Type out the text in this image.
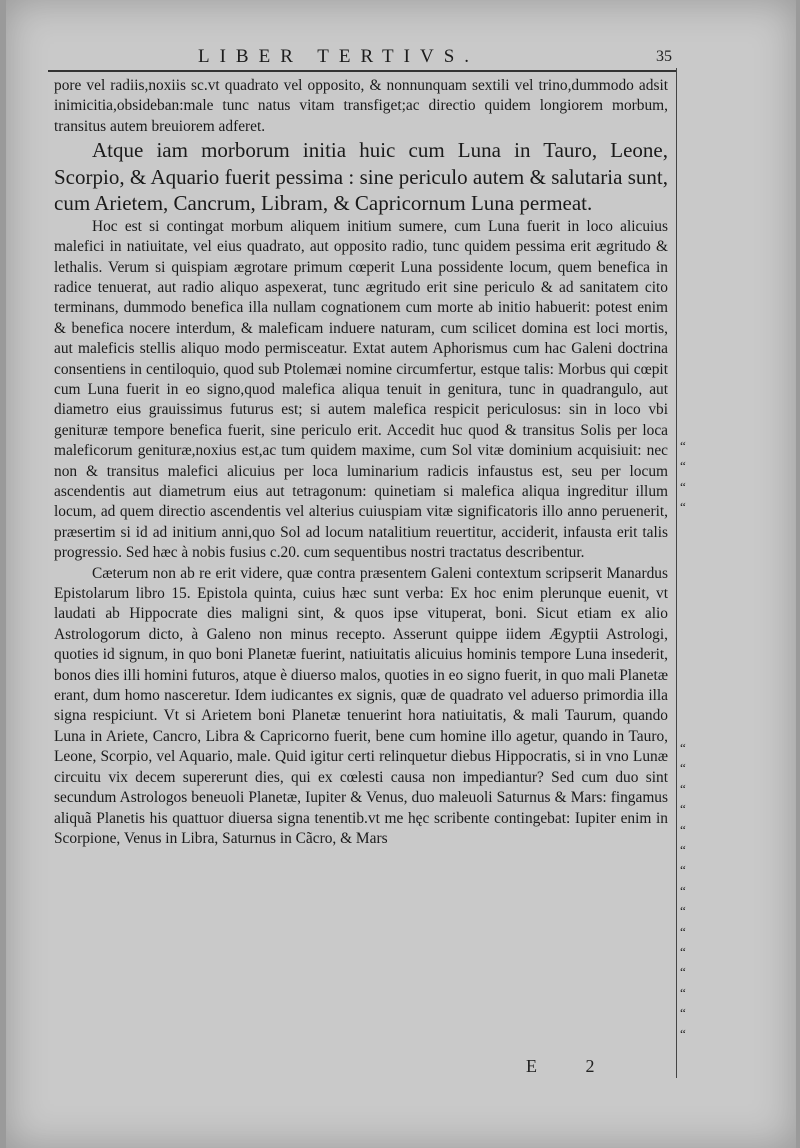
LIBER TERTIVS.	35

pore vel radiis,noxiis sc.vt quadrato vel opposito, & nonnunquam sextili vel trino,dummodo adsit inimicitia,obsideban:male tunc natus vitam transfiget;ac directio quidem longiorem morbum, transitus autem breuiorem adferet.

Atque iam morborum initia huic cum Luna in Tauro, Leone, Scorpio, & Aquario fuerit pessima : sine periculo autem & salutaria sunt, cum Arietem, Cancrum, Libram, & Capricornum Luna permeat.

Hoc est si contingat morbum aliquem initium sumere, cum Luna fuerit in loco alicuius malefici in natiuitate, vel eius quadrato, aut opposito radio, tunc quidem pessima erit ægritudo & lethalis. Verum si quispiam ægrotare primum cœperit Luna possidente locum, quem benefica in radice tenuerat, aut radio aliquo aspexerat, tunc ægritudo erit sine periculo & ad sanitatem cito terminans, dummodo benefica illa nullam cognationem cum morte ab initio habuerit: potest enim & benefica nocere interdum, & maleficam induere naturam, cum scilicet domina est loci mortis, aut maleficis stellis aliquo modo permisceatur. Extat autem Aphorismus cum hac Galeni doctrina consentiens in centiloquio, quod sub Ptolemæi nomine circumfertur, estque talis: Morbus qui cœpit cum Luna fuerit in eo signo,quod malefica aliqua tenuit in genitura, tunc in quadrangulo, aut diametro eius grauissimus futurus est; si autem malefica respicit periculosus: sin in loco vbi genituræ tempore benefica fuerit, sine periculo erit. Accedit huc quod & transitus Solis per loca maleficorum genituræ,noxius est,ac tum quidem maxime, cum Sol vitæ dominium acquisiuit: nec non & transitus malefici alicuius per loca luminarium radicis infaustus est, seu per locum ascendentis aut diametrum eius aut tetragonum: quinetiam si malefica aliqua ingreditur illum locum, ad quem directio ascendentis vel alterius cuiuspiam vitæ significatoris illo anno peruenerit, præsertim si id ad initium anni,quo Sol ad locum natalitium reuertitur, acciderit, infausta erit talis progressio. Sed hæc à nobis fusius c.20. cum sequentibus nostri tractatus describentur.

Cæterum non ab re erit videre, quæ contra præsentem Galeni contextum scripserit Manardus Epistolarum libro 15. Epistola quinta, cuius hæc sunt verba: Ex hoc enim plerunque euenit, vt laudati ab Hippocrate dies maligni sint, & quos ipse vituperat, boni. Sicut etiam ex alio Astrologorum dicto, à Galeno non minus recepto. Asserunt quippe iidem Ægyptii Astrologi, quoties id signum, in quo boni Planetæ fuerint, natiuitatis alicuius hominis tempore Luna insederit, bonos dies illi homini futuros, atque è diuerso malos, quoties in eo signo fuerit, in quo mali Planetæ erant, dum homo nasceretur. Idem iudicantes ex signis, quæ de quadrato vel aduerso primordia illa signa respiciunt. Vt si Arietem boni Planetæ tenuerint hora natiuitatis, & mali Taurum, quando Luna in Ariete, Cancro, Libra & Capricorno fuerit, bene cum homine illo agetur, quando in Tauro, Leone, Scorpio, vel Aquario, male. Quid igitur certi relinquetur diebus Hippocratis, si in vno Lunæ circuitu vix decem supererunt dies, qui ex cœlesti causa non impediantur? Sed cum duo sint secundum Astrologos beneuoli Planetæ, Iupiter & Venus, duo maleuoli Saturnus & Mars: fingamus aliquã Planetis his quattuor diuersa signa tenentib.vt me hęc scribente contingebat: Iupiter enim in Scorpione, Venus in Libra, Saturnus in Cãcro, & Mars

“
“
“
“
“
“
“
“
“
“
“
“
“
“
“
“
“
“
“
E 2
